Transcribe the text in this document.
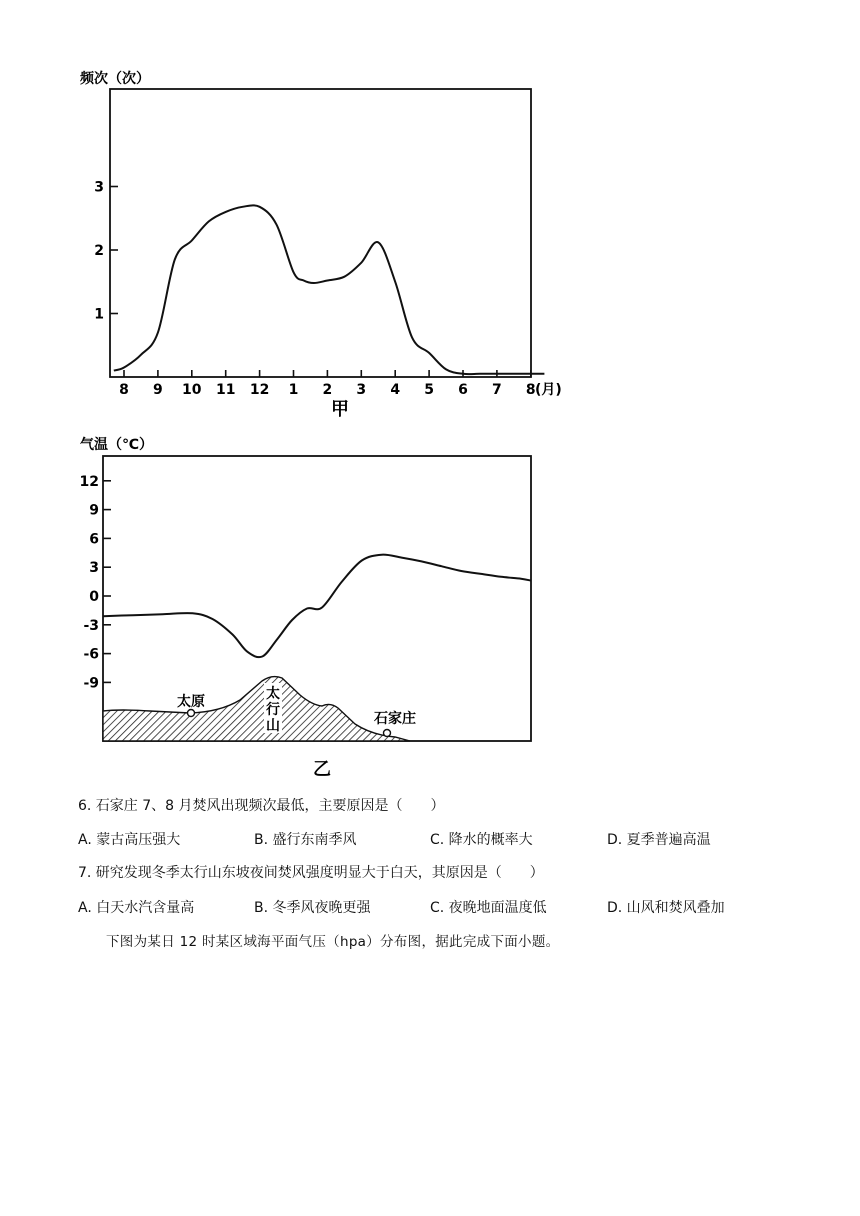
频次（次）
1
2
3
8 9 10 11 12 1 2 3 4 5 6 7 8 (月)
甲
气温（℃）
12
9
6
3
0
-3
-6
-9
太原	太行山	石家庄
乙
6. 石家庄 7、8 月焚风出现频次最低，主要原因是（　　）
A. 蒙古高压强大	B. 盛行东南季风	C. 降水的概率大	D. 夏季普遍高温
7. 研究发现冬季太行山东坡夜间焚风强度明显大于白天，其原因是（　　）
A. 白天水汽含量高	B. 冬季风夜晚更强	C. 夜晚地面温度低	D. 山风和焚风叠加
下图为某日 12 时某区域海平面气压（hpa）分布图，据此完成下面小题。
